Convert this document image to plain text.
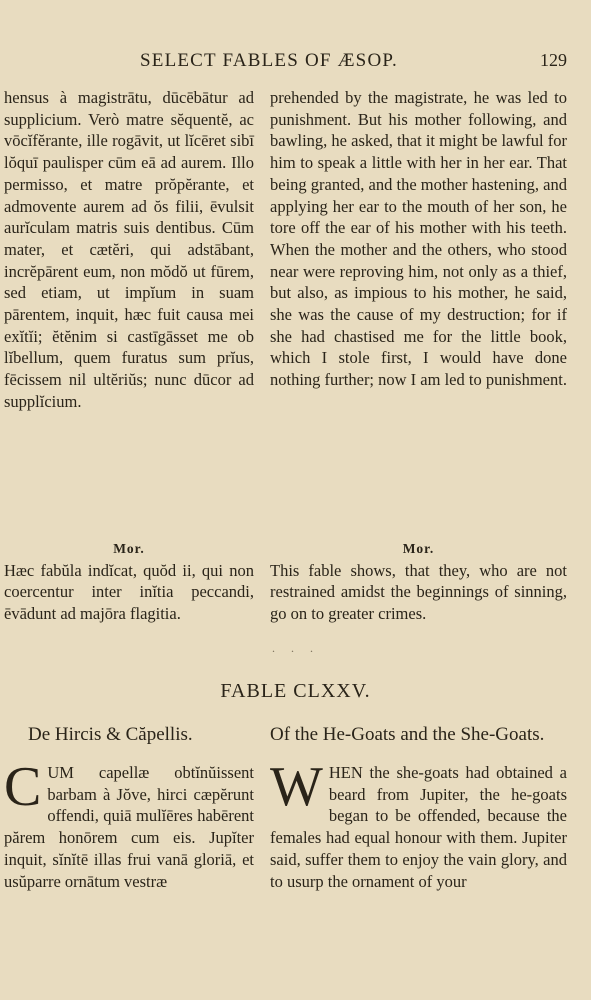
SELECT FABLES OF ÆSOP.	129

hensus à magistrātu, dūcēbātur ad supplicium. Verò matre sĕquentĕ, ac vōcĭfĕrante, ille rogāvit, ut lĭcēret sibī lŏquī paulisper cūm eā ad aurem. Illo permisso, et matre prŏpĕrante, et admovente aurem ad ŏs filii, ēvulsit aurĭculam matris suis dentibus. Cūm mater, et cætĕri, qui adstābant, incrĕpārent eum, non mŏdŏ ut fūrem, sed etiam, ut impĭum in suam pārentem, inquit, hæc fuit causa mei exĭtĭi; ĕtĕnim si castīgāsset me ob lĭbellum, quem furatus sum prĭus, fēcissem nil ultĕriŭs; nunc dūcor ad supplĭcium.

prehended by the magistrate, he was led to punishment. But his mother following, and bawling, he asked, that it might be lawful for him to speak a little with her in her ear. That being granted, and the mother hastening, and applying her ear to the mouth of her son, he tore off the ear of his mother with his teeth. When the mother and the others, who stood near were reproving him, not only as a thief, but also, as impious to his mother, he said, she was the cause of my destruction; for if she had chastised me for the little book, which I stole first, I would have done nothing further; now I am led to punishment.

Mor.

Hæc fabŭla indĭcat, quŏd ii, qui non coercentur inter inĭtia peccandi, ēvādunt ad majōra flagitia.

Mor.

This fable shows, that they, who are not restrained amidst the beginnings of sinning, go on to greater crimes.

· · ·
FABLE CLXXV.
De Hircis & Căpellis.	Of the He-Goats and the She-Goats.
C UM capellæ obtĭnŭissent barbam à Jŏve, hirci cæpĕrunt offendi, quiā mulĭēres habērent părem honōrem cum eis. Jupĭter inquit, sĭnĭtē illas frui vanā gloriā, et usŭparre ornātum vestræ

W HEN the she-goats had obtained a beard from Jupiter, the he-goats began to be offended, because the females had equal honour with them. Jupiter said, suffer them to enjoy the vain glory, and to usurp the ornament of your
